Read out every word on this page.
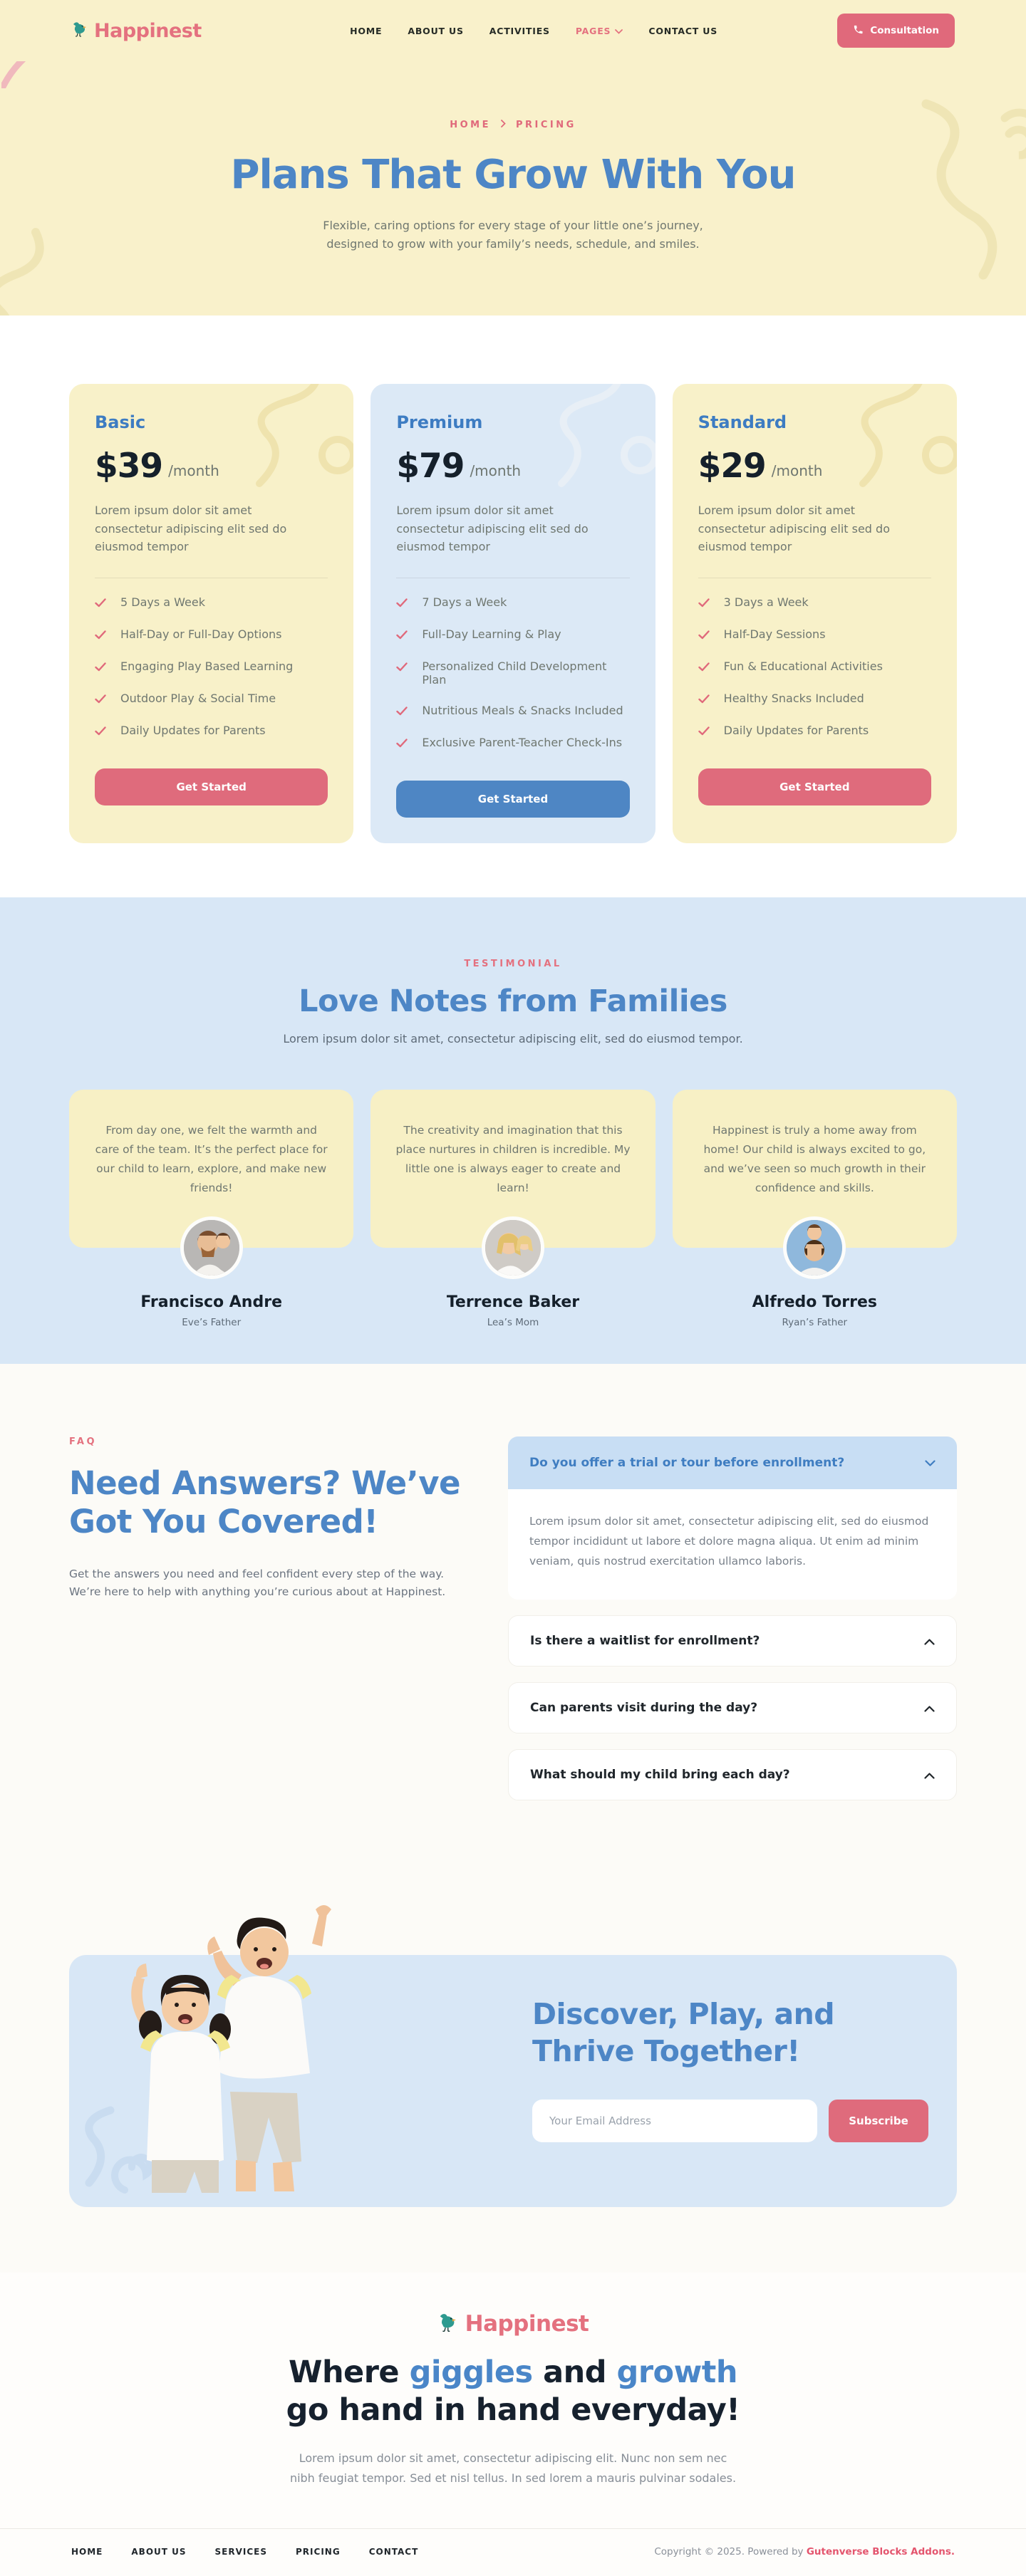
Happinest	HOME	ABOUT US	ACTIVITIES	PAGES	CONTACT US	Consultation
HOME	PRICING
Plans That Grow With You

Flexible, caring options for every stage of your little one’s journey, designed to grow with your family’s needs, schedule, and smiles.

Basic
$39 /month

Lorem ipsum dolor sit amet consectetur adipiscing elit sed do eiusmod tempor

5 Days a Week
Half-Day or Full-Day Options
Engaging Play Based Learning
Outdoor Play & Social Time
Daily Updates for Parents
Get Started
Premium
$79 /month

Lorem ipsum dolor sit amet consectetur adipiscing elit sed do eiusmod tempor

7 Days a Week
Full-Day Learning & Play
Personalized Child Development Plan
Nutritious Meals & Snacks Included
Exclusive Parent-Teacher Check-Ins
Get Started
Standard
$29 /month

Lorem ipsum dolor sit amet consectetur adipiscing elit sed do eiusmod tempor

3 Days a Week
Half-Day Sessions
Fun & Educational Activities
Healthy Snacks Included
Daily Updates for Parents
Get Started
TESTIMONIAL
Love Notes from Families

Lorem ipsum dolor sit amet, consectetur adipiscing elit, sed do eiusmod tempor.

From day one, we felt the warmth and care of the team. It’s the perfect place for our child to learn, explore, and make new friends!

Francisco Andre
Eve’s Father

The creativity and imagination that this place nurtures in children is incredible. My little one is always eager to create and learn!

Terrence Baker
Lea’s Mom

Happinest is truly a home away from home! Our child is always excited to go, and we’ve seen so much growth in their confidence and skills.

Alfredo Torres
Ryan’s Father
FAQ
Need Answers? We’ve Got You Covered!

Get the answers you need and feel confident every step of the way. We’re here to help with anything you’re curious about at Happinest.

Do you offer a trial or tour before enrollment?
Lorem ipsum dolor sit amet, consectetur adipiscing elit, sed do eiusmod tempor incididunt ut labore et dolore magna aliqua. Ut enim ad minim veniam, quis nostrud exercitation ullamco laboris.
Is there a waitlist for enrollment?
Can parents visit during the day?
What should my child bring each day?
Discover, Play, and Thrive Together!
Your Email Address
Subscribe
Happinest
Where giggles and growth
go hand in hand everyday!

Lorem ipsum dolor sit amet, consectetur adipiscing elit. Nunc non sem nec nibh feugiat tempor. Sed et nisl tellus. In sed lorem a mauris pulvinar sodales.

HOME	ABOUT US	SERVICES	PRICING	CONTACT	Copyright © 2025. Powered by Gutenverse Blocks Addons.
